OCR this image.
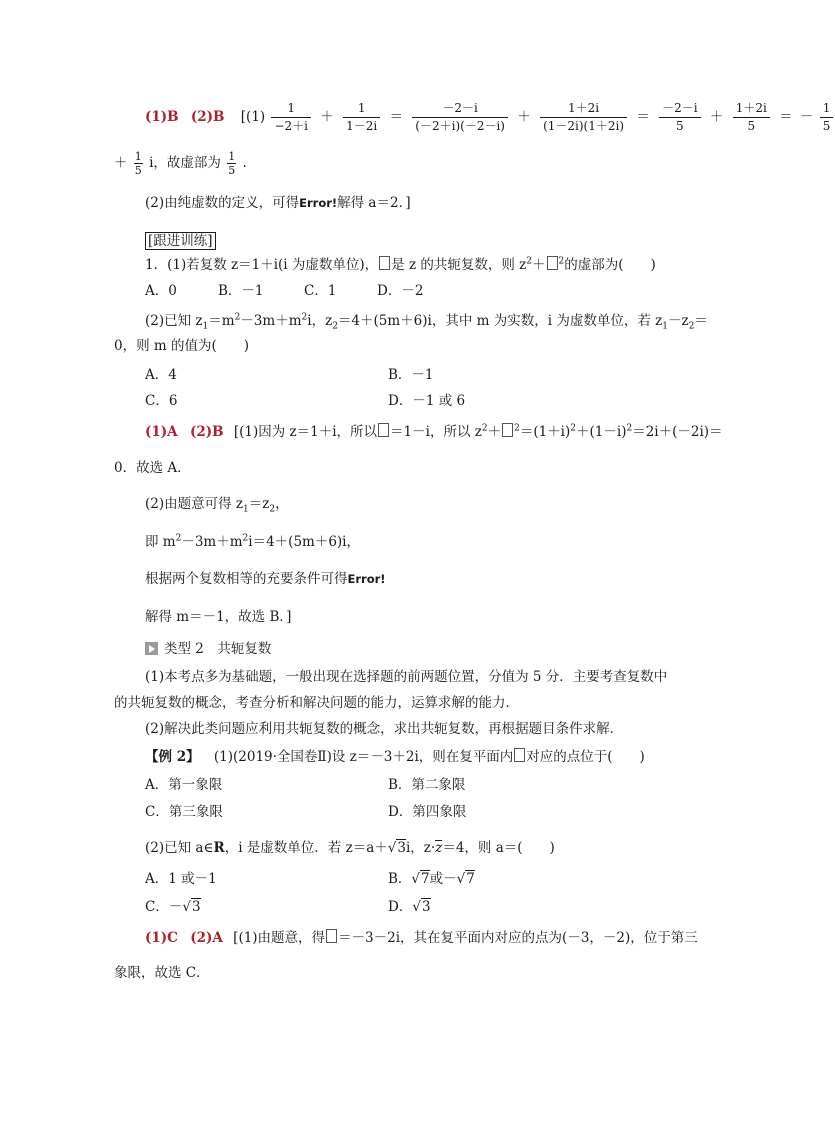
(1)B (2)B [$(1) \frac{1}{-2+i} + \frac{1}{1-2i} = \frac{-2-i}{(-2+i)(-2-i)} + \frac{1+2i}{(1-2i)(1+2i)} = \frac{-2-i}{5} + \frac{1+2i}{5}$ ＝ － $\frac{1}{5}$
＋ $\frac{1}{5}$ i，故虚部为 $\frac{1}{5}$ .
(2)由纯虚数的定义，可得Error!解得 a＝2．]
[跟进训练]
1．(1)若复数 z＝1＋i(i 为虚数单位)， 是 z 的共轭复数，则 $z^2+ ^2$的虚部为(　　)
A．0	B．－1	C．1	D．－2
(2)已知 $z_1=m^2-3m+m^2i$，$z_2=4+(5m+6)i$，其中 m 为实数，i 为虚数单位，若 $z_1-z_2=$
0，则 m 的值为(　　)
A．4	B．－1
C．6	D．－1 或 6
(1)A (2)B [(1)因为 z＝1＋i，所以 ＝1－i，所以 $z^2+ ^2=(1+i)^2+(1-i)^2=2i+(-2i)=$
0．故选 A．
(2)由题意可得 $z_1=z_2$，
即 $m^2-3m+m^2i=4+(5m+6)i$，
根据两个复数相等的充要条件可得Error!
解得 m＝－1，故选 B．]
类型 2　共轭复数
(1)本考点多为基础题，一般出现在选择题的前两题位置，分值为 5 分．主要考查复数中
的共轭复数的概念，考查分析和解决问题的能力，运算求解的能力．
(2)解决此类问题应利用共轭复数的概念，求出共轭复数，再根据题目条件求解．
【例 2】 (1)(2019·全国卷Ⅱ)设 z＝－3＋2i，则在复平面内 对应的点位于(　　)
A．第一象限	B．第二象限
C．第三象限	D．第四象限
(2)已知 a∈R，i 是虚数单位．若 z＝a＋√3i，z·z＝4，则 a＝(　　)
A．1 或－1	B．√7或－√7
C．－√3	D．√3
(1)C (2)A [(1)由题意，得 ＝－3－2i，其在复平面内对应的点为(－3，－2)，位于第三
象限，故选 C．
